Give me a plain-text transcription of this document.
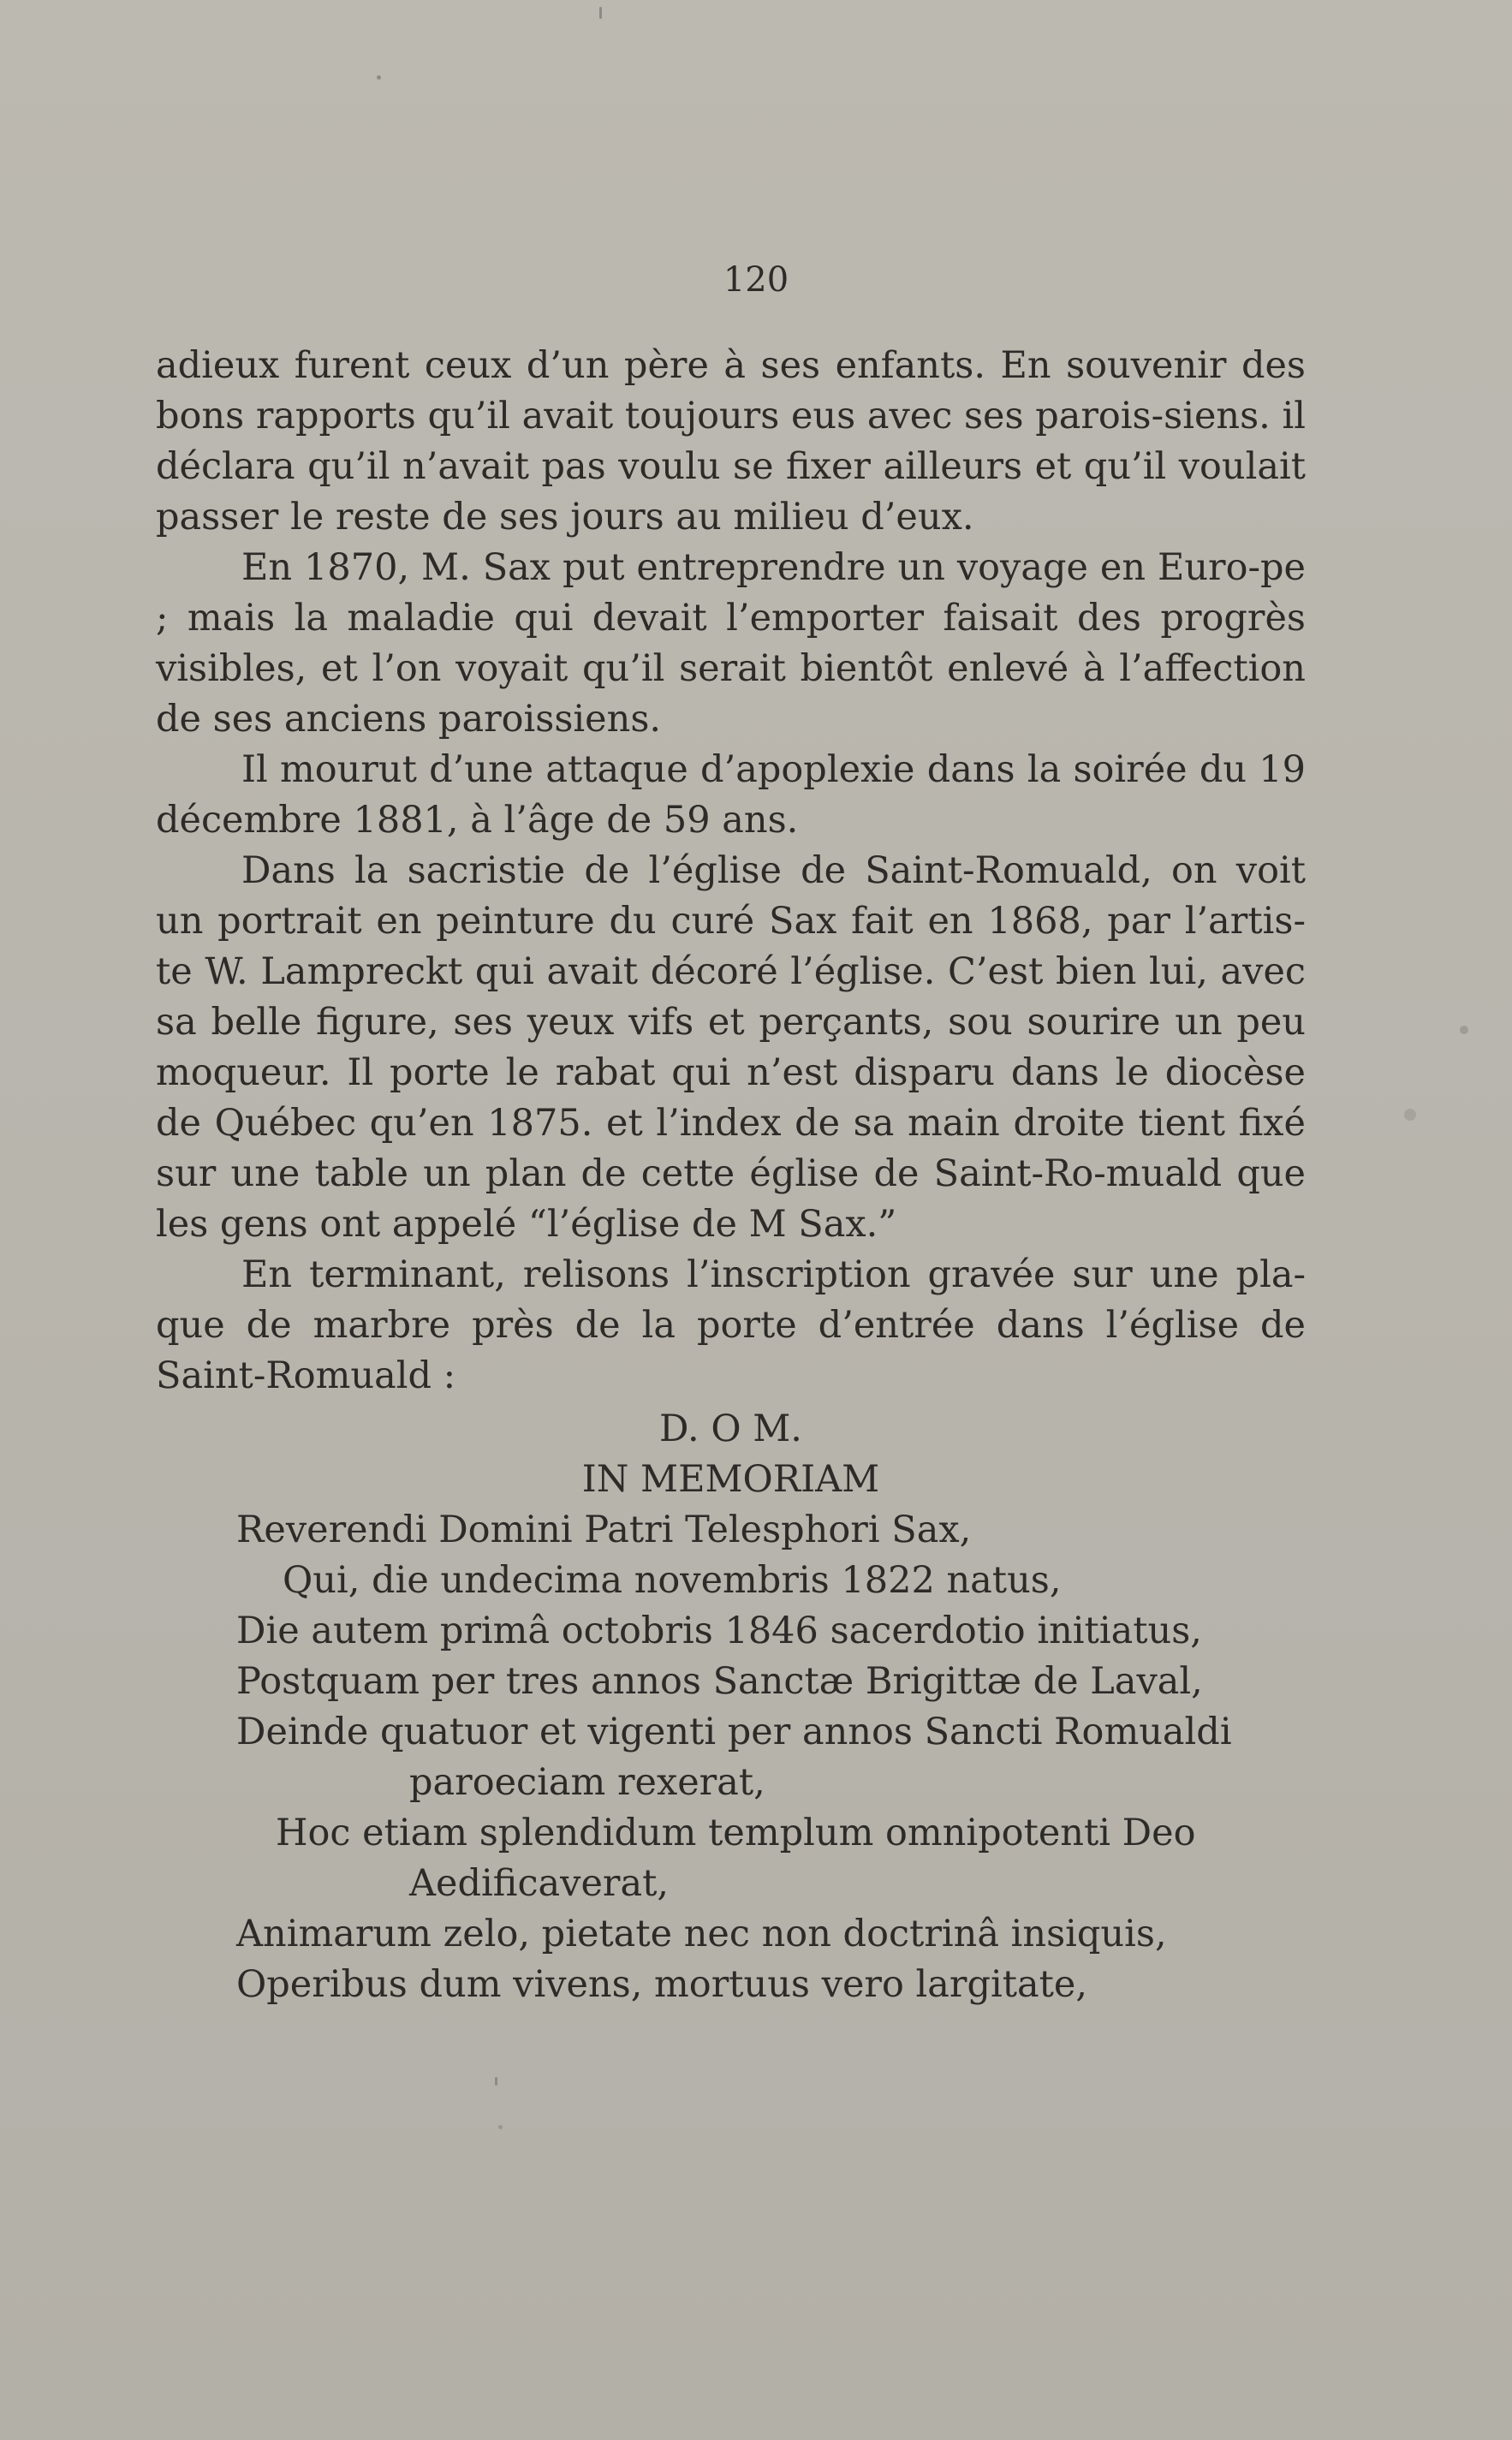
120

adieux furent ceux d’un père à ses enfants. En souvenir des bons rapports qu’il avait toujours eus avec ses parois-siens. il déclara qu’il n’avait pas voulu se fixer ailleurs et qu’il voulait passer le reste de ses jours au milieu d’eux.

En 1870, M. Sax put entreprendre un voyage en Euro-pe ; mais la maladie qui devait l’emporter faisait des progrès visibles, et l’on voyait qu’il serait bientôt enlevé à l’affection de ses anciens paroissiens.

Il mourut d’une attaque d’apoplexie dans la soirée du 19 décembre 1881, à l’âge de 59 ans.

Dans la sacristie de l’église de Saint-Romuald, on voit un portrait en peinture du curé Sax fait en 1868, par l’artis-te W. Lampreckt qui avait décoré l’église. C’est bien lui, avec sa belle figure, ses yeux vifs et perçants, sou sourire un peu moqueur. Il porte le rabat qui n’est disparu dans le diocèse de Québec qu’en 1875. et l’index de sa main droite tient fixé sur une table un plan de cette église de Saint-Ro-muald que les gens ont appelé “l’église de M Sax.”

En terminant, relisons l’inscription gravée sur une pla-que de marbre près de la porte d’entrée dans l’église de Saint-Romuald :

D. O M.

IN MEMORIAM

Reverendi Domini Patri Telesphori Sax,

Qui, die undecima novembris 1822 natus,

Die autem primâ octobris 1846 sacerdotio initiatus,

Postquam per tres annos Sanctæ Brigittæ de Laval,

Deinde quatuor et vigenti per annos Sancti Romualdi

paroeciam rexerat,

Hoc etiam splendidum templum omnipotenti Deo

Aedificaverat,

Animarum zelo, pietate nec non doctrinâ insiquis,

Operibus dum vivens, mortuus vero largitate,
